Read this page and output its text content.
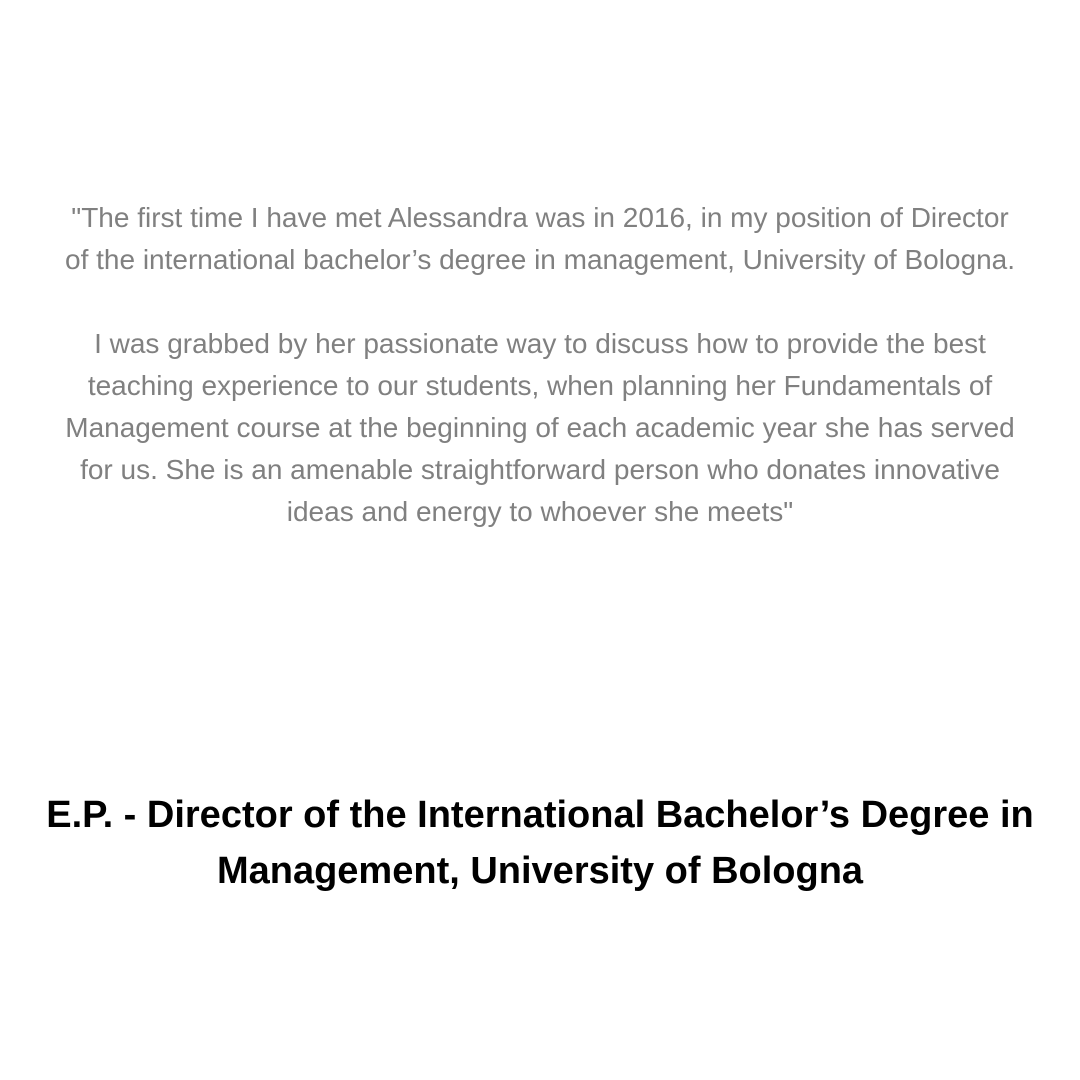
"The first time I have met Alessandra was in 2016, in my position of Director of the international bachelor’s degree in management, University of Bologna.

I was grabbed by her passionate way to discuss how to provide the best teaching experience to our students, when planning her Fundamentals of Management course at the beginning of each academic year she has served for us. She is an amenable straightforward person who donates innovative ideas and energy to whoever she meets"

E.P. - Director of the International Bachelor’s Degree in Management, University of Bologna
